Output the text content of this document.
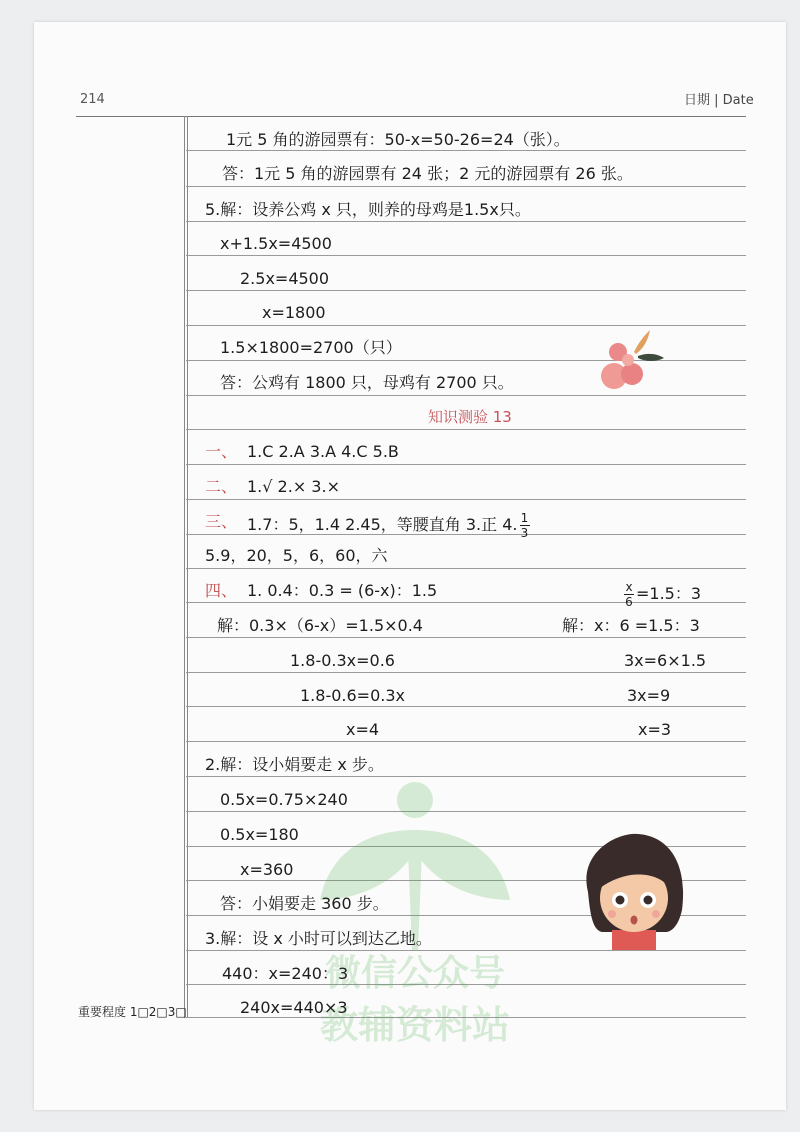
214	日期 | Date
微信公众号
教辅资料站
1元 5 角的游园票有：50-x=50-26=24（张）。
答：1元 5 角的游园票有 24 张；2 元的游园票有 26 张。
5.解：设养公鸡 x 只，则养的母鸡是1.5x只。
x+1.5x=4500
2.5x=4500
x=1800
1.5×1800=2700（只）
答：公鸡有 1800 只，母鸡有 2700 只。
知识测验 13
一、 1.C 2.A 3.A 4.C 5.B
二、 1.√ 2.× 3.×
三、 1.7：5，1.4 2.45，等腰直角 3.正 4. $\frac{1}{3}$
5.9，20，5，6，60，六
四、 1. 0.4：0.3 = (6-x)：1.5	$\frac{x}{6} =1.5$：3
解：0.3×（6-x）=1.5×0.4	解：x：6 =1.5：3
1.8-0.3x=0.6	3x=6×1.5
1.8-0.6=0.3x	3x=9
x=4	x=3
2.解：设小娟要走 x 步。
0.5x=0.75×240
0.5x=180
x=360
答：小娟要走 360 步。
3.解：设 x 小时可以到达乙地。
440：x=240：3
240x=440×3
重要程度 1□2□3□
